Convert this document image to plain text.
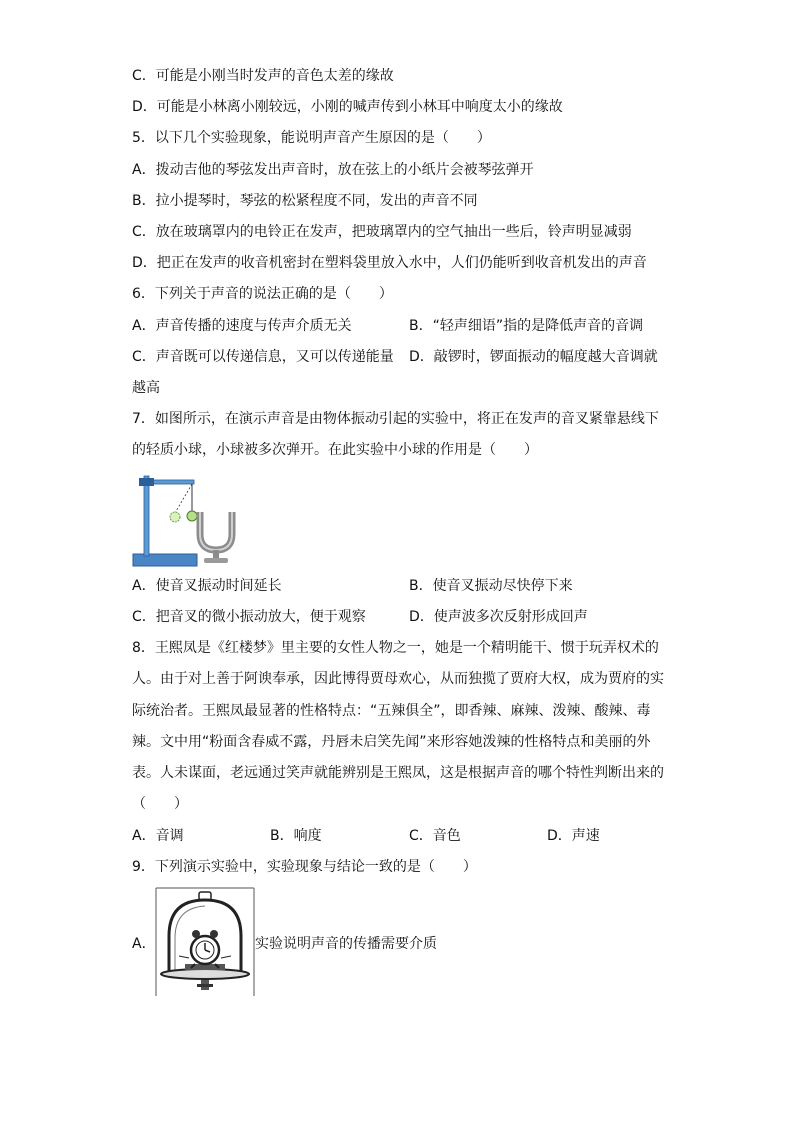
C．可能是小刚当时发声的音色太差的缘故
D．可能是小林离小刚较远，小刚的喊声传到小林耳中响度太小的缘故
5．以下几个实验现象，能说明声音产生原因的是（　　）
A．拨动吉他的琴弦发出声音时，放在弦上的小纸片会被琴弦弹开
B．拉小提琴时，琴弦的松紧程度不同，发出的声音不同
C．放在玻璃罩内的电铃正在发声，把玻璃罩内的空气抽出一些后，铃声明显减弱
D．把正在发声的收音机密封在塑料袋里放入水中，人们仍能听到收音机发出的声音
6．下列关于声音的说法正确的是（　　）
A．声音传播的速度与传声介质无关	B．“轻声细语”指的是降低声音的音调
C．声音既可以传递信息，又可以传递能量 D．敲锣时，锣面振动的幅度越大音调就
越高
7．如图所示，在演示声音是由物体振动引起的实验中，将正在发声的音叉紧靠悬线下
的轻质小球，小球被多次弹开。在此实验中小球的作用是（　　）
A．使音叉振动时间延长	B．使音叉振动尽快停下来
C．把音叉的微小振动放大，便于观察	D．使声波多次反射形成回声
8．王熙凤是《红楼梦》里主要的女性人物之一，她是一个精明能干、惯于玩弄权术的
人。由于对上善于阿谀奉承，因此博得贾母欢心，从而独揽了贾府大权，成为贾府的实
际统治者。王熙凤最显著的性格特点：“五辣俱全”，即香辣、麻辣、泼辣、酸辣、毒
辣。文中用“粉面含春威不露，丹唇未启笑先闻”来形容她泼辣的性格特点和美丽的外
表。人未谋面，老远通过笑声就能辨别是王熙凤，这是根据声音的哪个特性判断出来的
（　　）
A．音调	B．响度	C．音色	D．声速
9．下列演示实验中，实验现象与结论一致的是（　　）
A．	实验说明声音的传播需要介质
